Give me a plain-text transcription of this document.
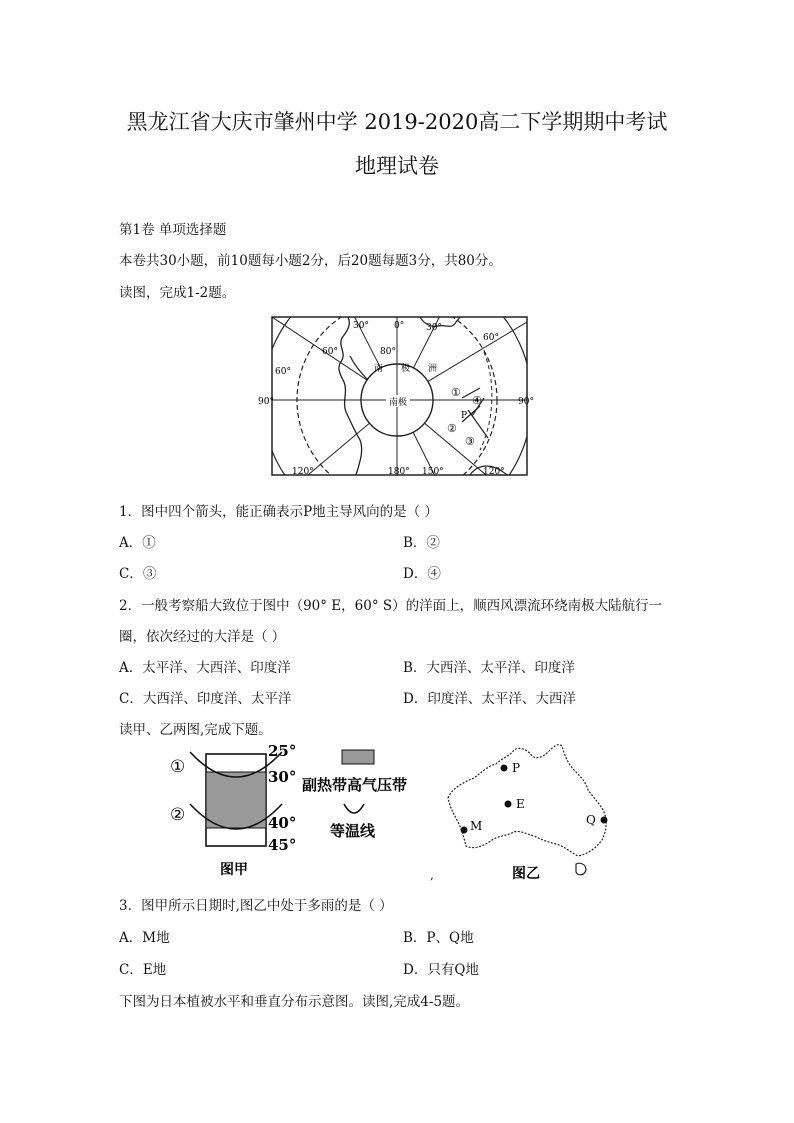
黑龙江省大庆市肇州中学 2019-2020高二下学期期中考试
地理试卷
第1卷 单项选择题
本卷共30小题，前10题每小题2分，后20题每题3分，共80分。
读图，完成1-2题。
南极
南 极 洲
30°	0° 30°
60°
60°
90°	90°
120°	180° 150°	120°
60°	80°
P
①
②
③
④
1．图中四个箭头，能正确表示P地主导风向的是（ ）
A．①	B．②
C．③	D．④
2．一般考察船大致位于图中（90° E，60° S）的洋面上，顺西风漂流环绕南极大陆航行一
圈，依次经过的大洋是（ ）
A．太平洋、大西洋、印度洋	B．大西洋、太平洋、印度洋
C．大西洋、印度洋、太平洋	D．印度洋、太平洋、大西洋
读甲、乙两图,完成下题。
①
②
25°
30°
40°
45°
图甲
副热带高气压带
等温线
P
E
M	Q
图乙
,
3．图甲所示日期时,图乙中处于多雨的是（ ）
A．M地	B．P、Q地
C．E地	D．只有Q地
下图为日本植被水平和垂直分布示意图。读图,完成4-5题。
